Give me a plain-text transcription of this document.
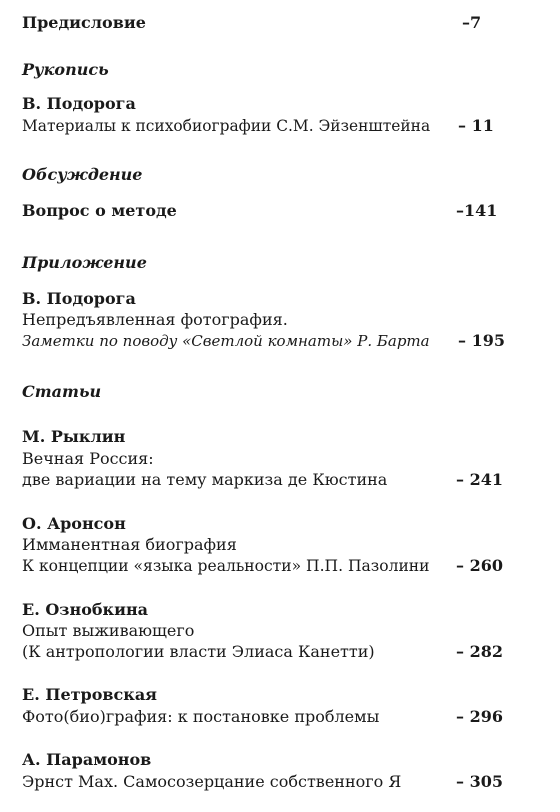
Предисловие	–7
Рукопись
В. Подорога
Материалы к психобиографии С.М. Эйзенштейна – 11
Обсуждение
Вопрос о методе	–141
Приложение
В. Подорога
Непредъявленная фотография.
Заметки по поводу «Светлой комнаты» Р. Барта – 195
Статьи
М. Рыклин
Вечная Россия:
две вариации на тему маркиза де Кюстина	– 241
О. Аронсон
Имманентная биография
К концепции «языка реальности» П.П. Пазолини – 260
Е. Ознобкина
Опыт выживающего
(К антропологии власти Элиаса Канетти)	– 282
Е. Петровская
Фото(био)графия: к постановке проблемы	– 296
А. Парамонов
Эрнст Мах. Самосозерцание собственного Я	– 305
